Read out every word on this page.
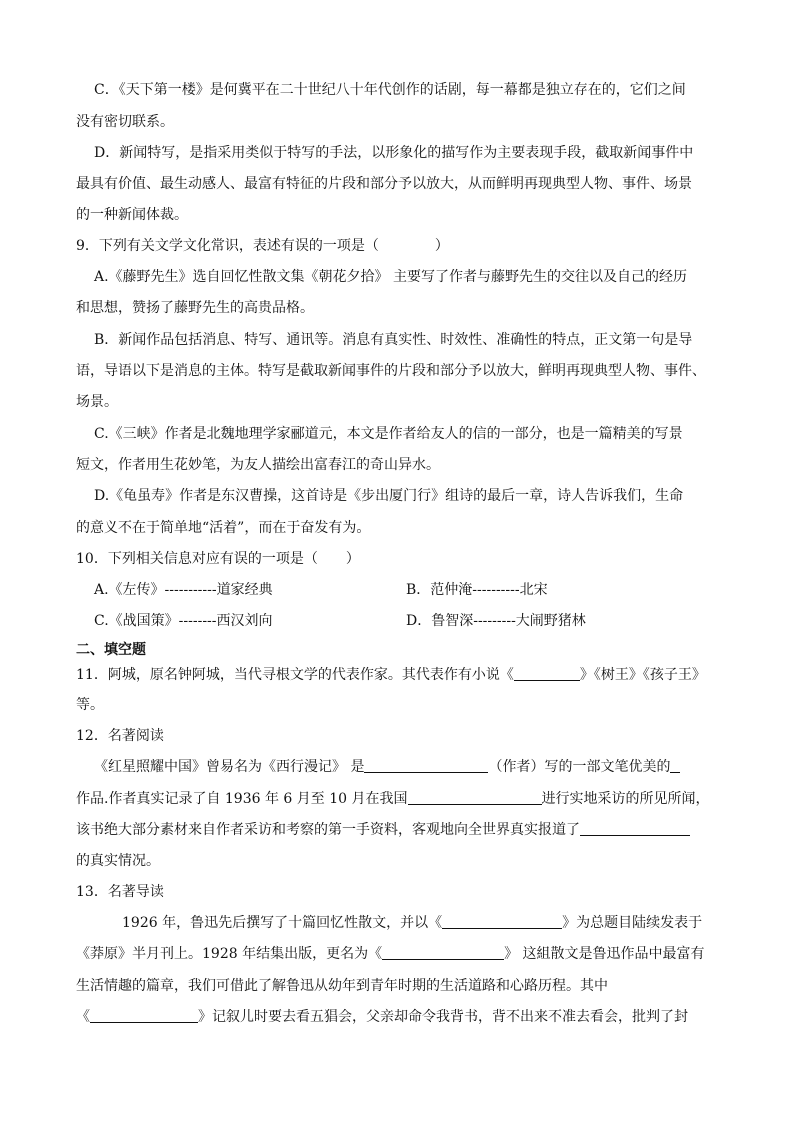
C．《天下第一楼》是何冀平在二十世纪八十年代创作的话剧，每一幕都是独立存在的，它们之间
没有密切联系。
D．新闻特写，是指采用类似于特写的手法，以形象化的描写作为主要表现手段，截取新闻事件中
最具有价值、最生动感人、最富有特征的片段和部分予以放大，从而鲜明再现典型人物、事件、场景
的一种新闻体裁。
9．下列有关文学文化常识，表述有误的一项是（　　　　）
A.《藤野先生》选自回忆性散文集《朝花夕拾》 主要写了作者与藤野先生的交往以及自己的经历
和思想，赞扬了藤野先生的高贵品格。
B．新闻作品包括消息、特写、通讯等。消息有真实性、时效性、准确性的特点，正文第一句是导
语，导语以下是消息的主体。特写是截取新闻事件的片段和部分予以放大，鲜明再现典型人物、事件、
场景。
C.《三峡》作者是北魏地理学家郦道元，本文是作者给友人的信的一部分，也是一篇精美的写景
短文，作者用生花妙笔，为友人描绘出富春江的奇山异水。
D.《龟虽寿》作者是东汉曹操，这首诗是《步出厦门行》组诗的最后一章，诗人告诉我们，生命
的意义不在于简单地“活着”，而在于奋发有为。
10．下列相关信息对应有误的一项是（　　）
A.《左传》-----------道家经典	B．范仲淹----------北宋
C.《战国策》--------西汉刘向	D．鲁智深---------大闹野猪林
二、填空题
11．阿城，原名钟阿城，当代寻根文学的代表作家。其代表作有小说《	》《树王》《孩子王》
等。
12．名著阅读
《红星照耀中国》曾易名为《西行漫记》 是	（作者）写的一部文笔优美的
作品.作者真实记录了自 1936 年 6 月至 10 月在我国	进行实地采访的所见所闻，
该书绝大部分素材来自作者采访和考察的第一手资料，客观地向全世界真实报道了
的真实情况。
13．名著导读
1926 年，鲁迅先后撰写了十篇回忆性散文，并以《	》为总题目陆续发表于
《莽原》半月刊上。1928 年结集出版，更名为《	》 这組散文是鲁迅作品中最富有
生活情趣的篇章，我们可借此了解鲁迅从幼年到青年时期的生活道路和心路历程。其中
《	》记叙儿时要去看五猖会，父亲却命令我背书，背不出来不准去看会，批判了封
